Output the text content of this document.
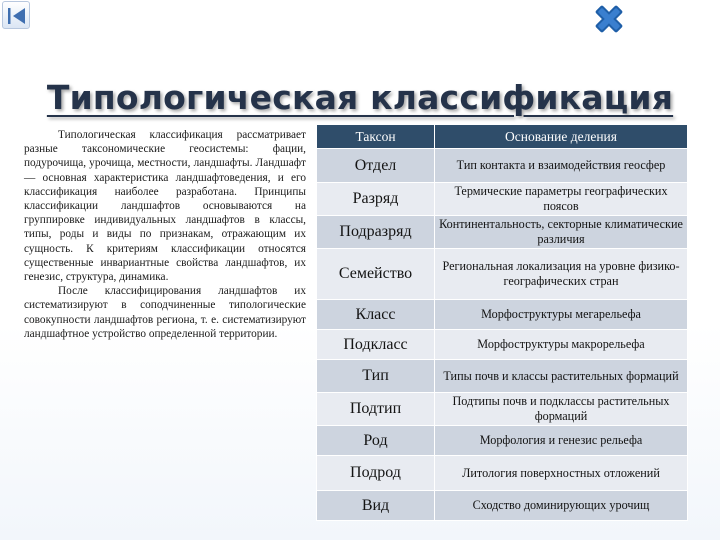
Типологическая классификация

Типологическая классификация рассматривает разные таксономические геосистемы: фации, подурочища, урочища, местности, ландшафты. Ландшафт — основная характеристика ландшафтоведения, и его классификация наиболее разработана. Принципы классификации ландшафтов основываются на группировке индивидуальных ландшафтов в классы, типы, роды и виды по признакам, отражающим их сущность. К критериям классификации относятся существенные инвариантные свойства ландшафтов, их генезис, структура, динамика.

После классифицирования ландшафтов их систематизируют в соподчиненные типологические совокупности ландшафтов региона, т. е. систематизируют ландшафтное устройство определенной территории.

Таксон	Основание деления
Отдел	Тип контакта и взаимодействия геосфер
Разряд	Термические параметры географических поясов
Подразряд	Континентальность, секторные климатические различия
Семейство	Региональная локализация на уровне физико-географических стран
Класс	Морфоструктуры мегарельефа
Подкласс	Морфоструктуры макрорельефа
Тип	Типы почв и классы растительных формаций
Подтип	Подтипы почв и подклассы растительных формаций
Род	Морфология и генезис рельефа
Подрод	Литология поверхностных отложений
Вид	Сходство доминирующих урочищ
